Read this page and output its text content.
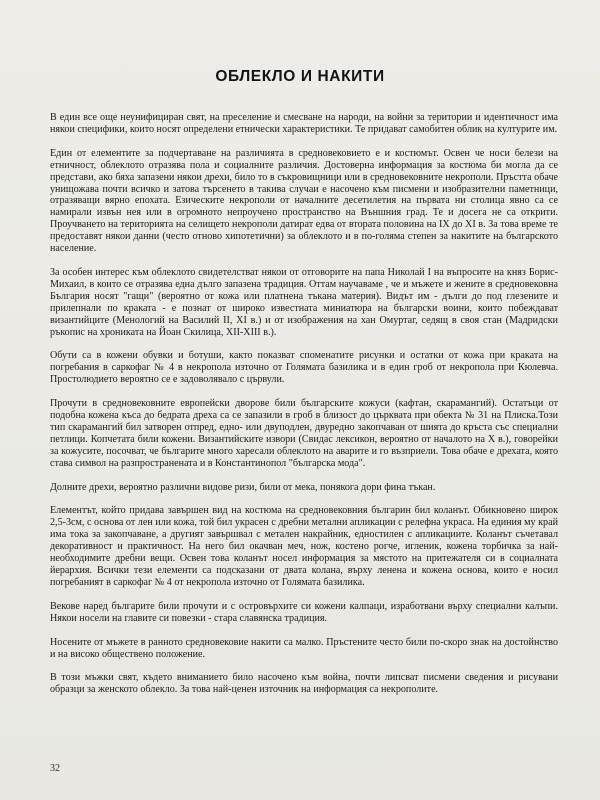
ОБЛЕКЛО И НАКИТИ

В един все още неунифициран свят, на преселение и смесване на народи, на войни за територии и идентичност има някои специфики, които носят определени етнически характеристики. Те придават самобитен облик на културите им.

Един от елементите за подчертаване на различията в средновековието е и костюмът. Освен че носи белези на етничност, облеклото отразява пола и социалните различия. Достоверна информация за костюма би могла да се представи, ако бяха запазени някои дрехи, било то в съкровищници или в средновековните некрополи. Пръстта обаче унищожава почти всичко и затова търсенето в такива случаи е насочено към писмени и изобразителни паметници, отразяващи вярно епохата. Езическите некрополи от началните десетилетия на първата ни столица явно са се намирали извън нея или в огромното непроучено пространство на Външния град. Те и досега не са открити. Проучването на територията на селището некрополи датират едва от втората половина на IX до XI в. За това време те предоставят някои данни (често отново хипотетични) за облеклото и в по-голяма степен за накитите на българското население.

За особен интерес към облеклото свидетелстват някои от отговорите на папа Николай I на въпросите на княз Борис-Михаил, в които се отразява една дълго запазена традиция. Оттам научаваме , че и мъжете и жените в средновековна България носят "гащи" (вероятно от кожа или платнена тъкана материя). Видът им - дълги до под глезените и прилепнали по краката - е познат от широко известната миниатюра на български воини, които побеждават византийците (Менологий на Василий II, XI в.) и от изображения на хан Омуртаг, седящ в своя стан (Мадридски ръкопис на хрониката на Йоан Скилица, XII-XIII в.).

Обути са в кожени обувки и ботуши, както показват споменатите рисунки и остатки от кожа при краката на погребания в саркофаг № 4 в некропола източно от Голямата базилика и в един гроб от некропола при Кюлевча. Простолюдието вероятно се е задоволявало с цървули.

Прочути в средновековните европейски дворове били българските кожуси (кафтан, скарамангий). Остатъци от подобна кожена къса до бедрата дреха са се запазили в гроб в близост до църквата при обекта № 31 на Плиска.Този тип скарамангий бил затворен отпред, едно- или двуподлен, двуредно закопчаван от шията до кръста със специални петлици. Копчетата били кожени. Византийските извори (Свидас лексикон, вероятно от началото на X в.), говорейки за кожусите, посочват, че българите много харесали облеклото на аварите и го възприели. Това обаче е дрехата, която става символ на разпространената и в Константинопол "българска мода".

Долните дрехи, вероятно различни видове ризи, били от мека, понякога дори фина тъкан.

Елементът, който придава завършен вид на костюма на средновековния българин бил коланът. Обикновено широк 2,5-3см, с основа от лен или кожа, той бил украсен с дребни метални апликации с релефна украса. На единия му край има тока за закопчаване, а другият завършвал с метален накрайник, едностилен с апликациите. Коланът съчетавал декоративност и практичност. На него бил окачван меч, нож, костено рогче, игленик, кожена торбичка за най-необходимите дребни вещи. Освен това коланът носел информация за мястото на притежателя си в социалната йерархия. Всички тези елементи са подсказани от двата колана, върху ленена и кожена основа, които е носил погребаният в саркофаг № 4 от некропола източно от Голямата базилика.

Векове наред българите били прочути и с островърхите си кожени калпаци, изработвани върху специални калъпи. Някои носели на главите си повезки - стара славянска традиция.

Носените от мъжете в ранното средновековие накити са малко. Пръстените често били по-скоро знак на достойнство и на високо обществено положение.

В този мъжки свят, където вниманието било насочено към война, почти липсват писмени сведения и рисувани образци за женското облекло. За това най-ценен източник на информация са некрополите.

32
